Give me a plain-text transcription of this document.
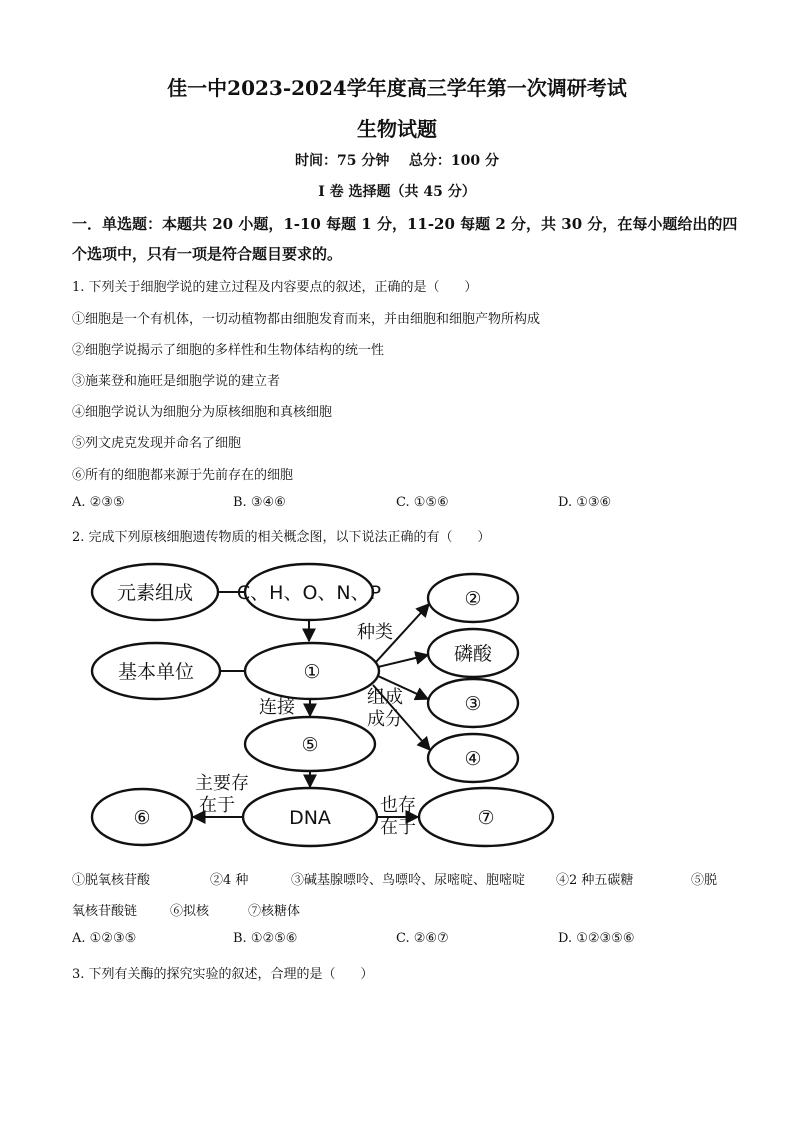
佳一中2023-2024学年度高三学年第一次调研考试
生物试题
时间：75 分钟    总分：100 分
I 卷 选择题（共 45 分）
一．单选题：本题共 20 小题，1-10 每题 1 分，11-20 每题 2 分，共 30 分，在每小题给出的四
个选项中，只有一项是符合题目要求的。
1. 下列关于细胞学说的建立过程及内容要点的叙述，正确的是（      ）
①细胞是一个有机体，一切动植物都由细胞发育而来，并由细胞和细胞产物所构成
②细胞学说揭示了细胞的多样性和生物体结构的统一性
③施莱登和施旺是细胞学说的建立者
④细胞学说认为细胞分为原核细胞和真核细胞
⑤列文虎克发现并命名了细胞
⑥所有的细胞都来源于先前存在的细胞
A. ②③⑤	B. ③④⑥	C. ①⑤⑥	D. ①③⑥
2. 完成下列原核细胞遗传物质的相关概念图，以下说法正确的有（      ）
元素组成 C、H、O、N、P
基本单位	①
②
磷酸
③
④
⑤
DNA
⑥	⑦
种类
组成
成分
连接
主要存
在于	也存
在于
①脱氧核苷酸	②4 种	③碱基腺嘌呤、鸟嘌呤、尿嘧啶、胞嘧啶 ④2 种五碳糖	⑤脱
氧核苷酸链	⑥拟核	⑦核糖体
A. ①②③⑤	B. ①②⑤⑥	C. ②⑥⑦	D. ①②③⑤⑥
3. 下列有关酶的探究实验的叙述，合理的是（      ）
